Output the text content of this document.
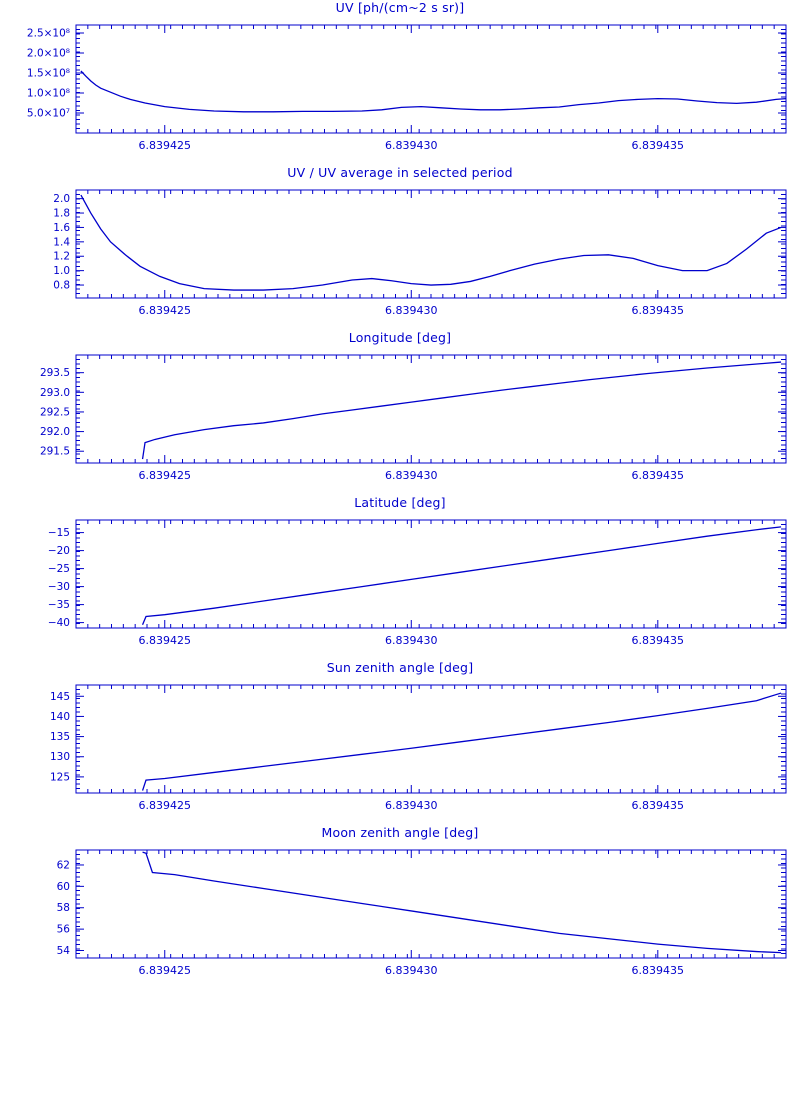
UV [ph/(cm~2 s sr)]
6.839425	6.839430	6.839435
5.0×10⁷
1.0×10⁸
1.5×10⁸
2.0×10⁸
2.5×10⁸
UV / UV average in selected period
6.839425	6.839430	6.839435
0.8
1.0
1.2
1.4
1.6
1.8
2.0
Longitude [deg]
6.839425	6.839430	6.839435
291.5
292.0
292.5
293.0
293.5
Latitude [deg]
6.839425	6.839430	6.839435
−40
−35
−30
−25
−20
−15
Sun zenith angle [deg]
6.839425	6.839430	6.839435
125
130
135
140
145
Moon zenith angle [deg]
6.839425	6.839430	6.839435
54
56
58
60
62
